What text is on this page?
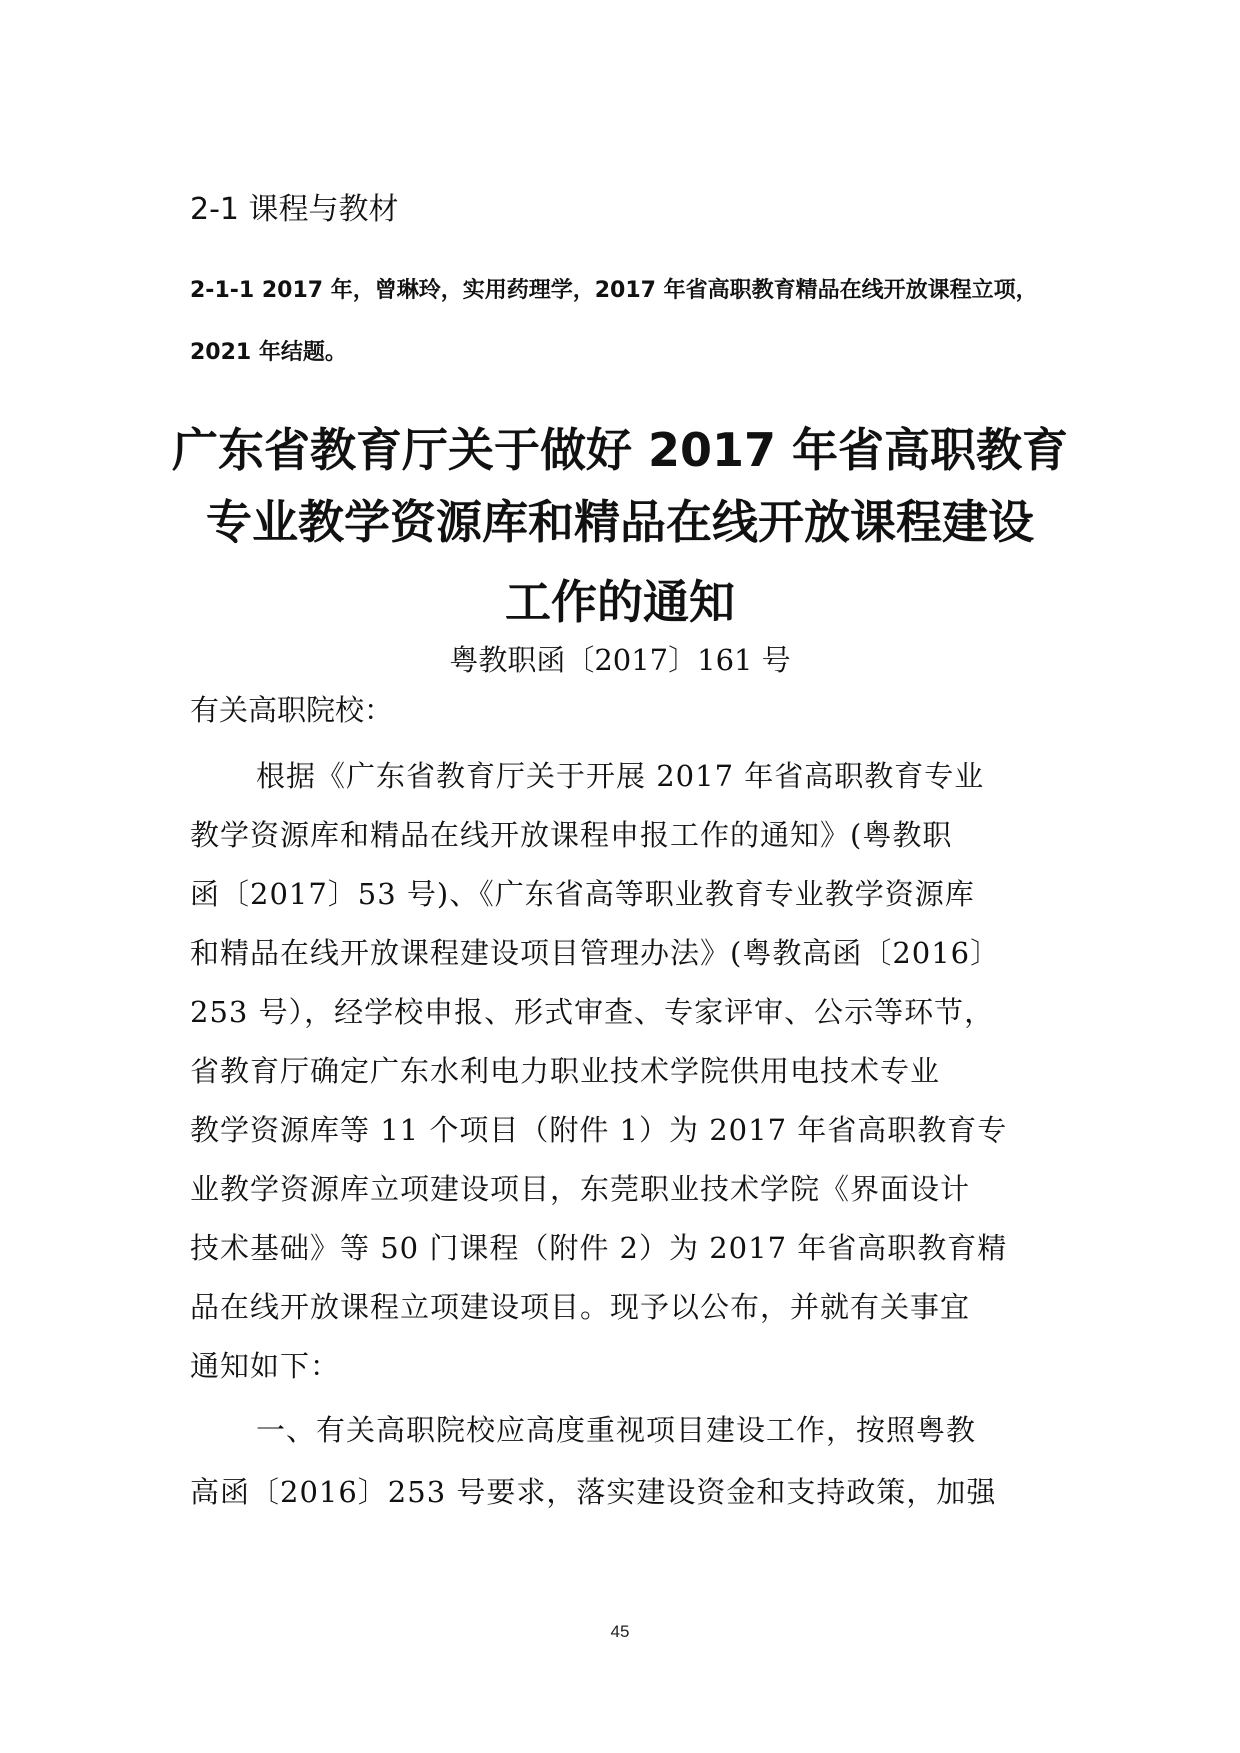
2-1 课程与教材
2-1-1 2017 年，曾琳玲，实用药理学，2017 年省高职教育精品在线开放课程立项，
2021 年结题。
广东省教育厅关于做好 2017 年省高职教育
专业教学资源库和精品在线开放课程建设
工作的通知
粤教职函〔2017〕161 号
有关高职院校：
根据《广东省教育厅关于开展 2017 年省高职教育专业
教学资源库和精品在线开放课程申报工作的通知》(粤教职
函〔2017〕53 号)、《广东省高等职业教育专业教学资源库
和精品在线开放课程建设项目管理办法》(粤教高函〔2016〕
253 号），经学校申报、形式审查、专家评审、公示等环节，
省教育厅确定广东水利电力职业技术学院供用电技术专业
教学资源库等 11 个项目（附件 1）为 2017 年省高职教育专
业教学资源库立项建设项目，东莞职业技术学院《界面设计
技术基础》等 50 门课程（附件 2）为 2017 年省高职教育精
品在线开放课程立项建设项目。现予以公布，并就有关事宜
通知如下：
一、有关高职院校应高度重视项目建设工作，按照粤教
高函〔2016〕253 号要求，落实建设资金和支持政策，加强
45
